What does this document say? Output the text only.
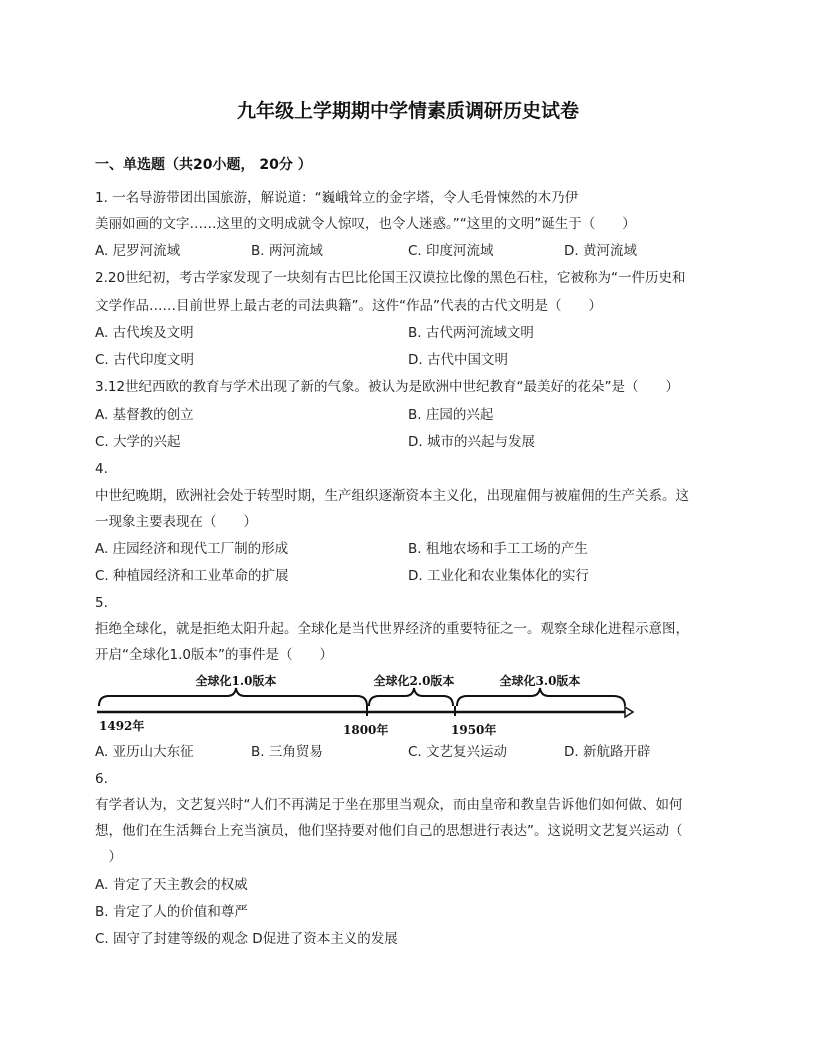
九年级上学期期中学情素质调研历史试卷
一、单选题（共20小题， 20分 ）
1. 一名导游带团出国旅游，解说道：“巍峨耸立的金字塔，令人毛骨悚然的木乃伊
美丽如画的文字……这里的文明成就令人惊叹，也令人迷惑。”“这里的文明”诞生于（　　）
A. 尼罗河流域	B. 两河流域	C. 印度河流域	D. 黄河流域
2.20世纪初，考古学家发现了一块刻有古巴比伦国王汉谟拉比像的黑色石柱，它被称为“一件历史和
文学作品……目前世界上最古老的司法典籍”。这件“作品”代表的古代文明是（　　）
A. 古代埃及文明	B. 古代两河流域文明
C. 古代印度文明	D. 古代中国文明
3.12世纪西欧的教育与学术出现了新的气象。被认为是欧洲中世纪教育“最美好的花朵”是（　　）
A. 基督教的创立	B. 庄园的兴起
C. 大学的兴起	D. 城市的兴起与发展
4.
中世纪晚期，欧洲社会处于转型时期，生产组织逐渐资本主义化，出现雇佣与被雇佣的生产关系。这
一现象主要表现在（　　）
A. 庄园经济和现代工厂制的形成	B. 租地农场和手工工场的产生
C. 种植园经济和工业革命的扩展	D. 工业化和农业集体化的实行
5.
拒绝全球化，就是拒绝太阳升起。全球化是当代世界经济的重要特征之一。观察全球化进程示意图，
开启“全球化1.0版本”的事件是（　　）
全球化1.0版本	全球化2.0版本	全球化3.0版本
1492年	1800年	1950年
A. 亚历山大东征	B. 三角贸易	C. 文艺复兴运动	D. 新航路开辟
6.
有学者认为，文艺复兴时“人们不再满足于坐在那里当观众，而由皇帝和教皇告诉他们如何做、如何
想，他们在生活舞台上充当演员，他们坚持要对他们自己的思想进行表达”。这说明文艺复兴运动（
　）
A. 肯定了天主教会的权威
B. 肯定了人的价值和尊严
C. 固守了封建等级的观念 D促进了资本主义的发展
